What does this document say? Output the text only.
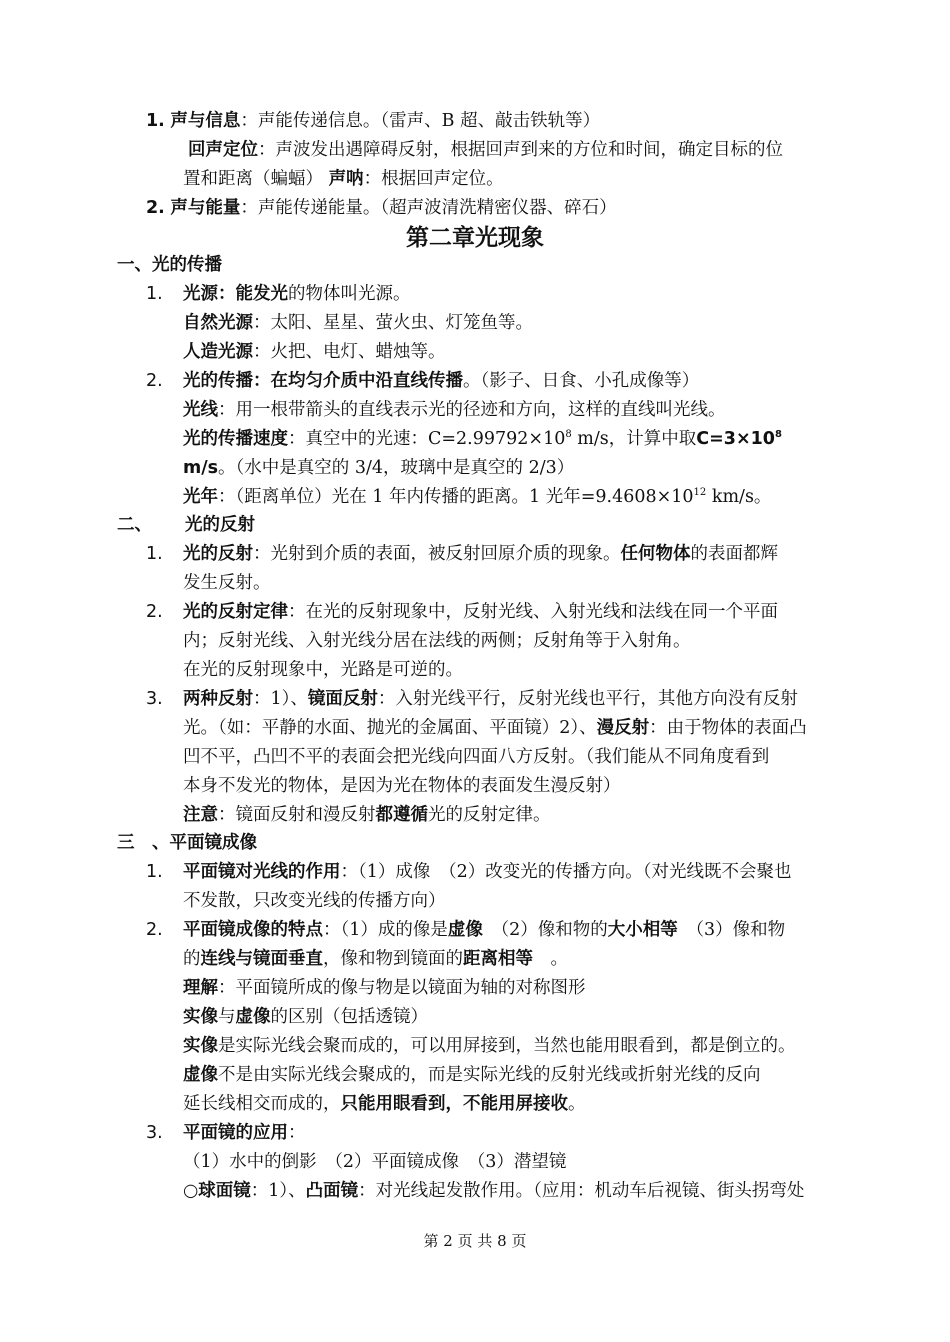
1. 声与信息：声能传递信息。（雷声、B 超、敲击铁轨等）
回声定位：声波发出遇障碍反射，根据回声到来的方位和时间，确定目标的位
置和距离（蝙蝠） 声呐：根据回声定位。
2. 声与能量：声能传递能量。（超声波清洗精密仪器、碎石）
第二章光现象
一、光的传播
1. 光源：能发光的物体叫光源。
自然光源：太阳、星星、萤火虫、灯笼鱼等。
人造光源：火把、电灯、蜡烛等。
2. 光的传播：在均匀介质中沿直线传播。（影子、日食、小孔成像等）
光线：用一根带箭头的直线表示光的径迹和方向，这样的直线叫光线。
光的传播速度：真空中的光速：$C=2.99792\times 10^8$ m/s，计算中取$C=3\times 10^8$
m/s。（水中是真空的 3/4，玻璃中是真空的 2/3）
光年：（距离单位）光在 1 年内传播的距离。1 光年$=9.4608\times 10^{12}$ km/s。
二、 光的反射
1. 光的反射：光射到介质的表面，被反射回原介质的现象。任何物体的表面都辉
发生反射。
2. 光的反射定律：在光的反射现象中，反射光线、入射光线和法线在同一个平面
内；反射光线、入射光线分居在法线的两侧；反射角等于入射角。
在光的反射现象中，光路是可逆的。
3. 两种反射：1）、镜面反射：入射光线平行，反射光线也平行，其他方向没有反射
光。（如：平静的水面、抛光的金属面、平面镜）2）、漫反射：由于物体的表面凸
凹不平，凸凹不平的表面会把光线向四面八方反射。（我们能从不同角度看到
本身不发光的物体，是因为光在物体的表面发生漫反射）
注意：镜面反射和漫反射都遵循光的反射定律。
三　、平面镜成像
1. 平面镜对光线的作用：（1）成像　（2）改变光的传播方向。（对光线既不会聚也
不发散，只改变光线的传播方向）
2. 平面镜成像的特点：（1）成的像是虚像　（2）像和物的大小相等　（3）像和物
的连线与镜面垂直，像和物到镜面的距离相等　。
理解：平面镜所成的像与物是以镜面为轴的对称图形
实像与虚像的区别（包括透镜）
实像是实际光线会聚而成的，可以用屏接到，当然也能用眼看到，都是倒立的。
虚像不是由实际光线会聚成的，而是实际光线的反射光线或折射光线的反向
延长线相交而成的，只能用眼看到，不能用屏接收。
3. 平面镜的应用：
（1）水中的倒影　（2）平面镜成像　（3）潜望镜
○球面镜：1）、凸面镜：对光线起发散作用。（应用：机动车后视镜、街头拐弯处
第 2 页 共 8 页
